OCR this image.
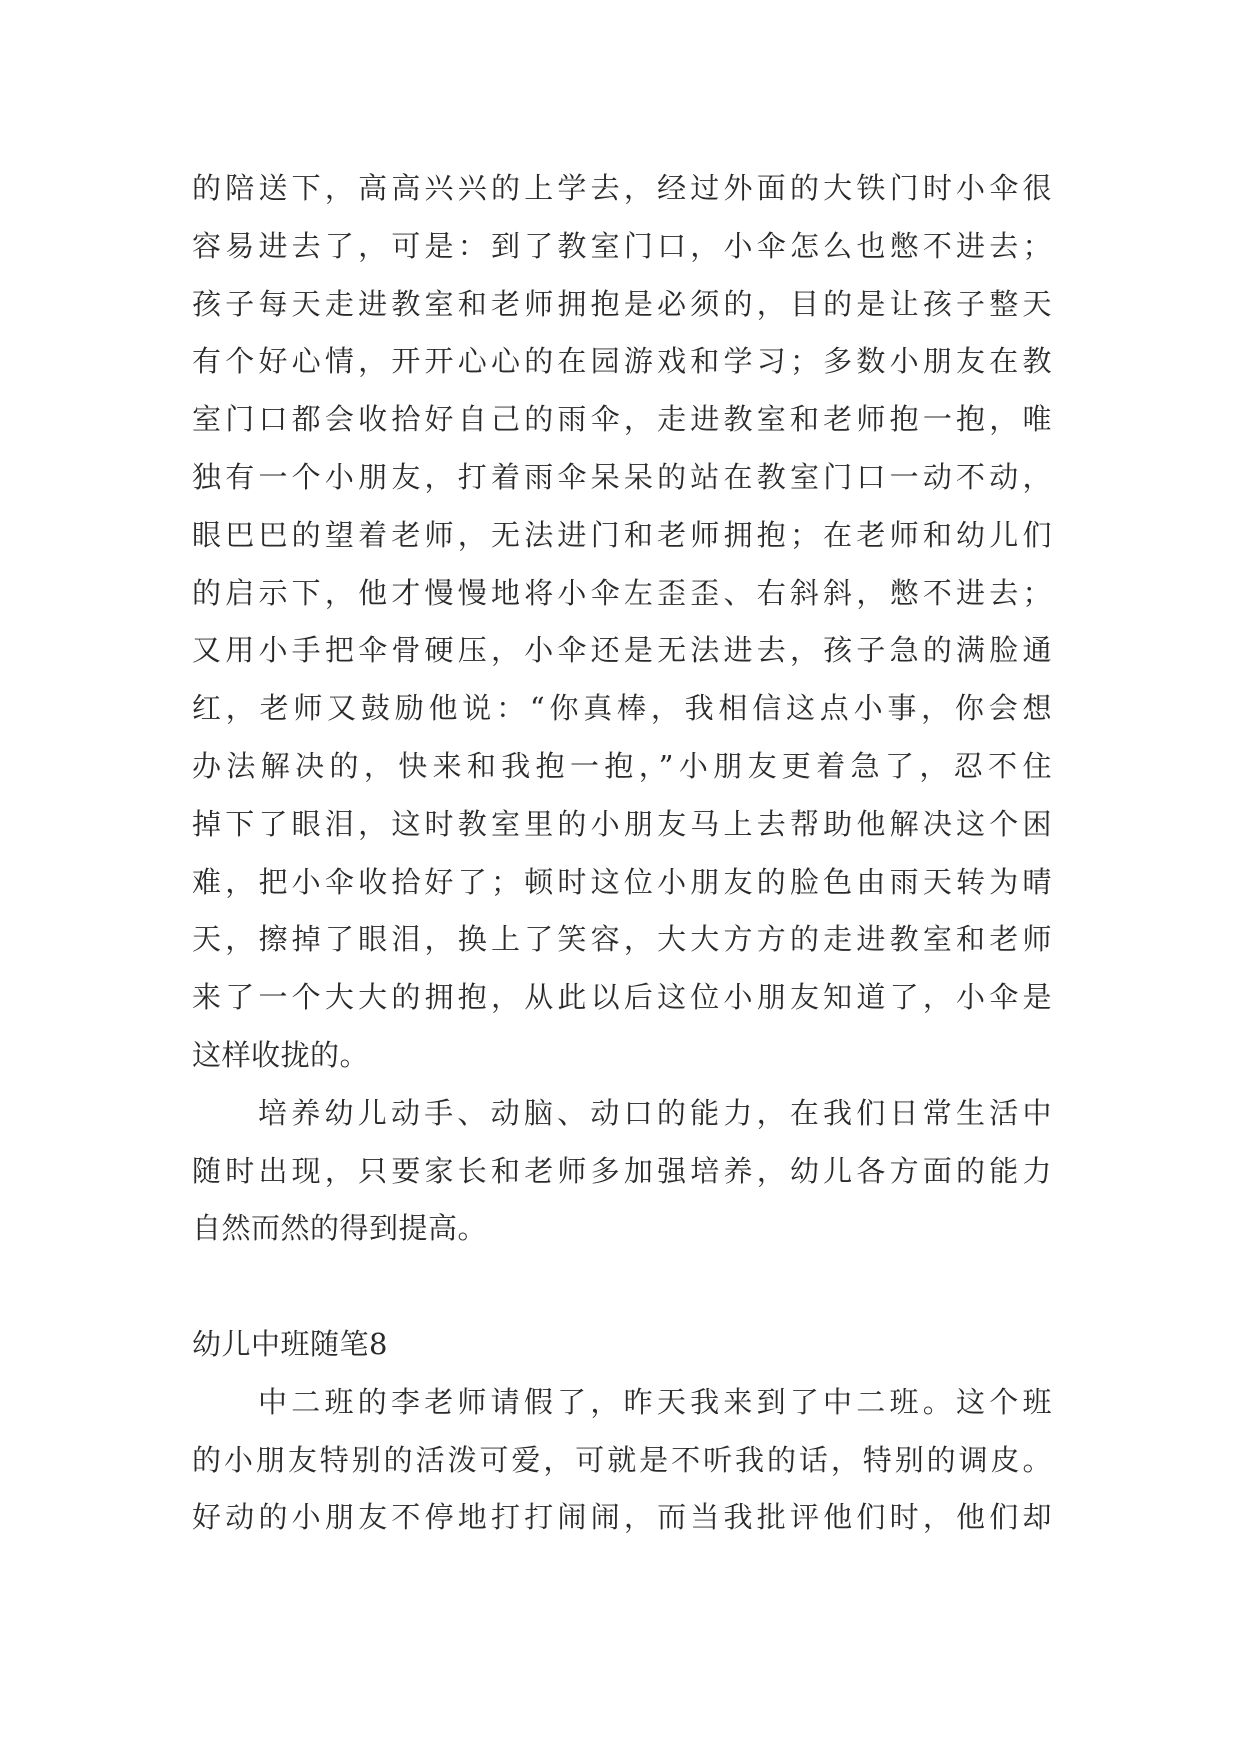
的陪送下，高高兴兴的上学去，经过外面的大铁门时小伞很
容易进去了，可是：到了教室门口，小伞怎么也憋不进去；
孩子每天走进教室和老师拥抱是必须的，目的是让孩子整天
有个好心情，开开心心的在园游戏和学习；多数小朋友在教
室门口都会收拾好自己的雨伞，走进教室和老师抱一抱，唯
独有一个小朋友，打着雨伞呆呆的站在教室门口一动不动，
眼巴巴的望着老师，无法进门和老师拥抱；在老师和幼儿们
的启示下，他才慢慢地将小伞左歪歪、右斜斜，憋不进去；
又用小手把伞骨硬压，小伞还是无法进去，孩子急的满脸通
红，老师又鼓励他说：“你真棒，我相信这点小事，你会想
办法解决的，快来和我抱一抱，”小朋友更着急了，忍不住
掉下了眼泪，这时教室里的小朋友马上去帮助他解决这个困
难，把小伞收拾好了；顿时这位小朋友的脸色由雨天转为晴
天，擦掉了眼泪，换上了笑容，大大方方的走进教室和老师
来了一个大大的拥抱，从此以后这位小朋友知道了，小伞是
这样收拢的。
培养幼儿动手、动脑、动口的能力，在我们日常生活中
随时出现，只要家长和老师多加强培养，幼儿各方面的能力
自然而然的得到提高。
幼儿中班随笔8
中二班的李老师请假了，昨天我来到了中二班。这个班
的小朋友特别的活泼可爱，可就是不听我的话，特别的调皮。
好动的小朋友不停地打打闹闹，而当我批评他们时，他们却
